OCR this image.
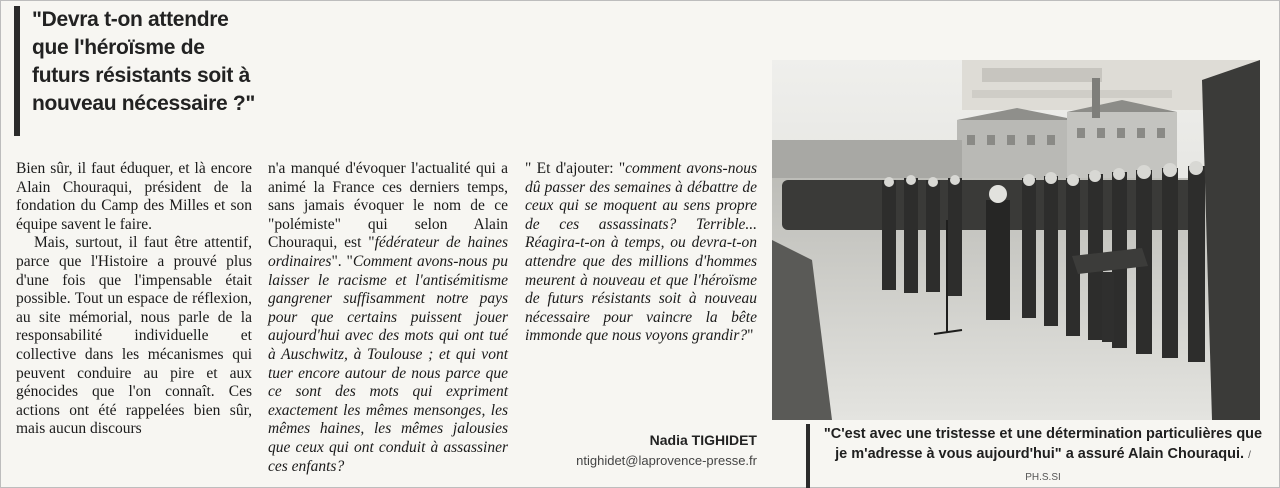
"Devra t-on attendre
que l'héroïsme de
futurs résistants soit à
nouveau nécessaire ?"

Bien sûr, il faut éduquer, et là encore Alain Chouraqui, président de la fondation du Camp des Milles et son équipe savent le faire.

Mais, surtout, il faut être attentif, parce que l'Histoire a prouvé plus d'une fois que l'impensable était possible. Tout un espace de réflexion, au site mémorial, nous parle de la responsabilité individuelle et collective dans les mécanismes qui peuvent conduire au pire et aux génocides que l'on connaît. Ces actions ont été rappelées bien sûr, mais aucun discours

n'a manqué d'évoquer l'actualité qui a animé la France ces derniers temps, sans jamais évoquer le nom de ce "polémiste" qui selon Alain Chouraqui, est "fédérateur de haines ordinaires". "Comment avons-nous pu laisser le racisme et l'antisémitisme gangrener suffisamment notre pays pour que certains puissent jouer aujourd'hui avec des mots qui ont tué à Auschwitz, à Toulouse ; et qui vont tuer encore autour de nous parce que ce sont des mots qui expriment exactement les mêmes mensonges, les mêmes haines, les mêmes jalousies que ceux qui ont conduit à assassiner ces enfants?

" Et d'ajouter: "comment avons-nous dû passer des semaines à débattre de ceux qui se moquent au sens propre de ces assassinats? Terrible... Réagira-t-on à temps, ou devra-t-on attendre que des millions d'hommes meurent à nouveau et que l'héroïsme de futurs résistants soit à nouveau nécessaire pour vaincre la bête immonde que nous voyons grandir?"

Nadia TIGHIDET
ntighidet@laprovence-presse.fr
"C'est avec une tristesse et une détermination particulières que je m'adresse à vous aujourd'hui" a assuré Alain Chouraqui. / PH.S.SI
